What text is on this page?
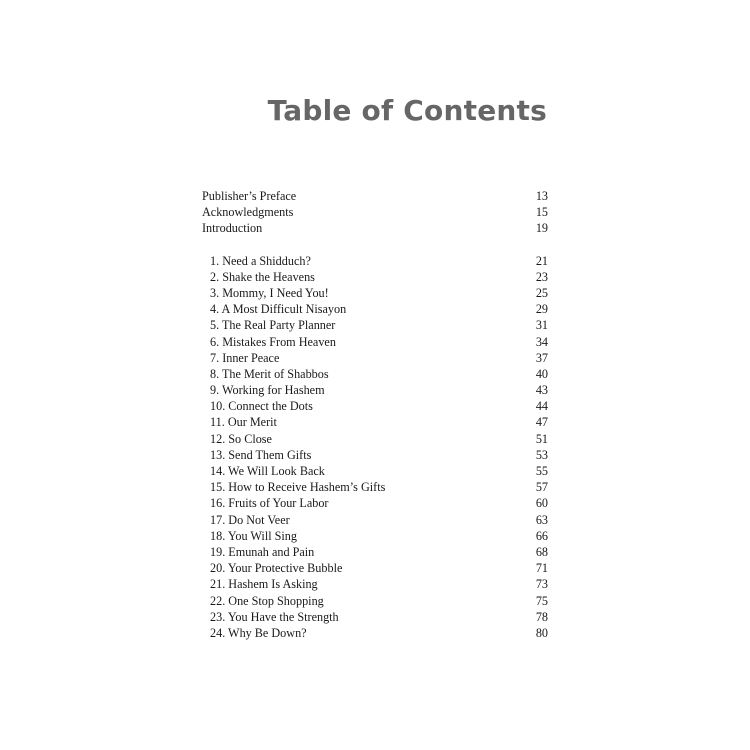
Table of Contents
Publisher’s Preface	13
Acknowledgments	15
Introduction	19
1. Need a Shidduch?	21
2. Shake the Heavens	23
3. Mommy, I Need You!	25
4. A Most Difficult Nisayon	29
5. The Real Party Planner	31
6. Mistakes From Heaven	34
7. Inner Peace	37
8. The Merit of Shabbos	40
9. Working for Hashem	43
10. Connect the Dots	44
11. Our Merit	47
12. So Close	51
13. Send Them Gifts	53
14. We Will Look Back	55
15. How to Receive Hashem’s Gifts	57
16. Fruits of Your Labor	60
17. Do Not Veer	63
18. You Will Sing	66
19. Emunah and Pain	68
20. Your Protective Bubble	71
21. Hashem Is Asking	73
22. One Stop Shopping	75
23. You Have the Strength	78
24. Why Be Down?	80
